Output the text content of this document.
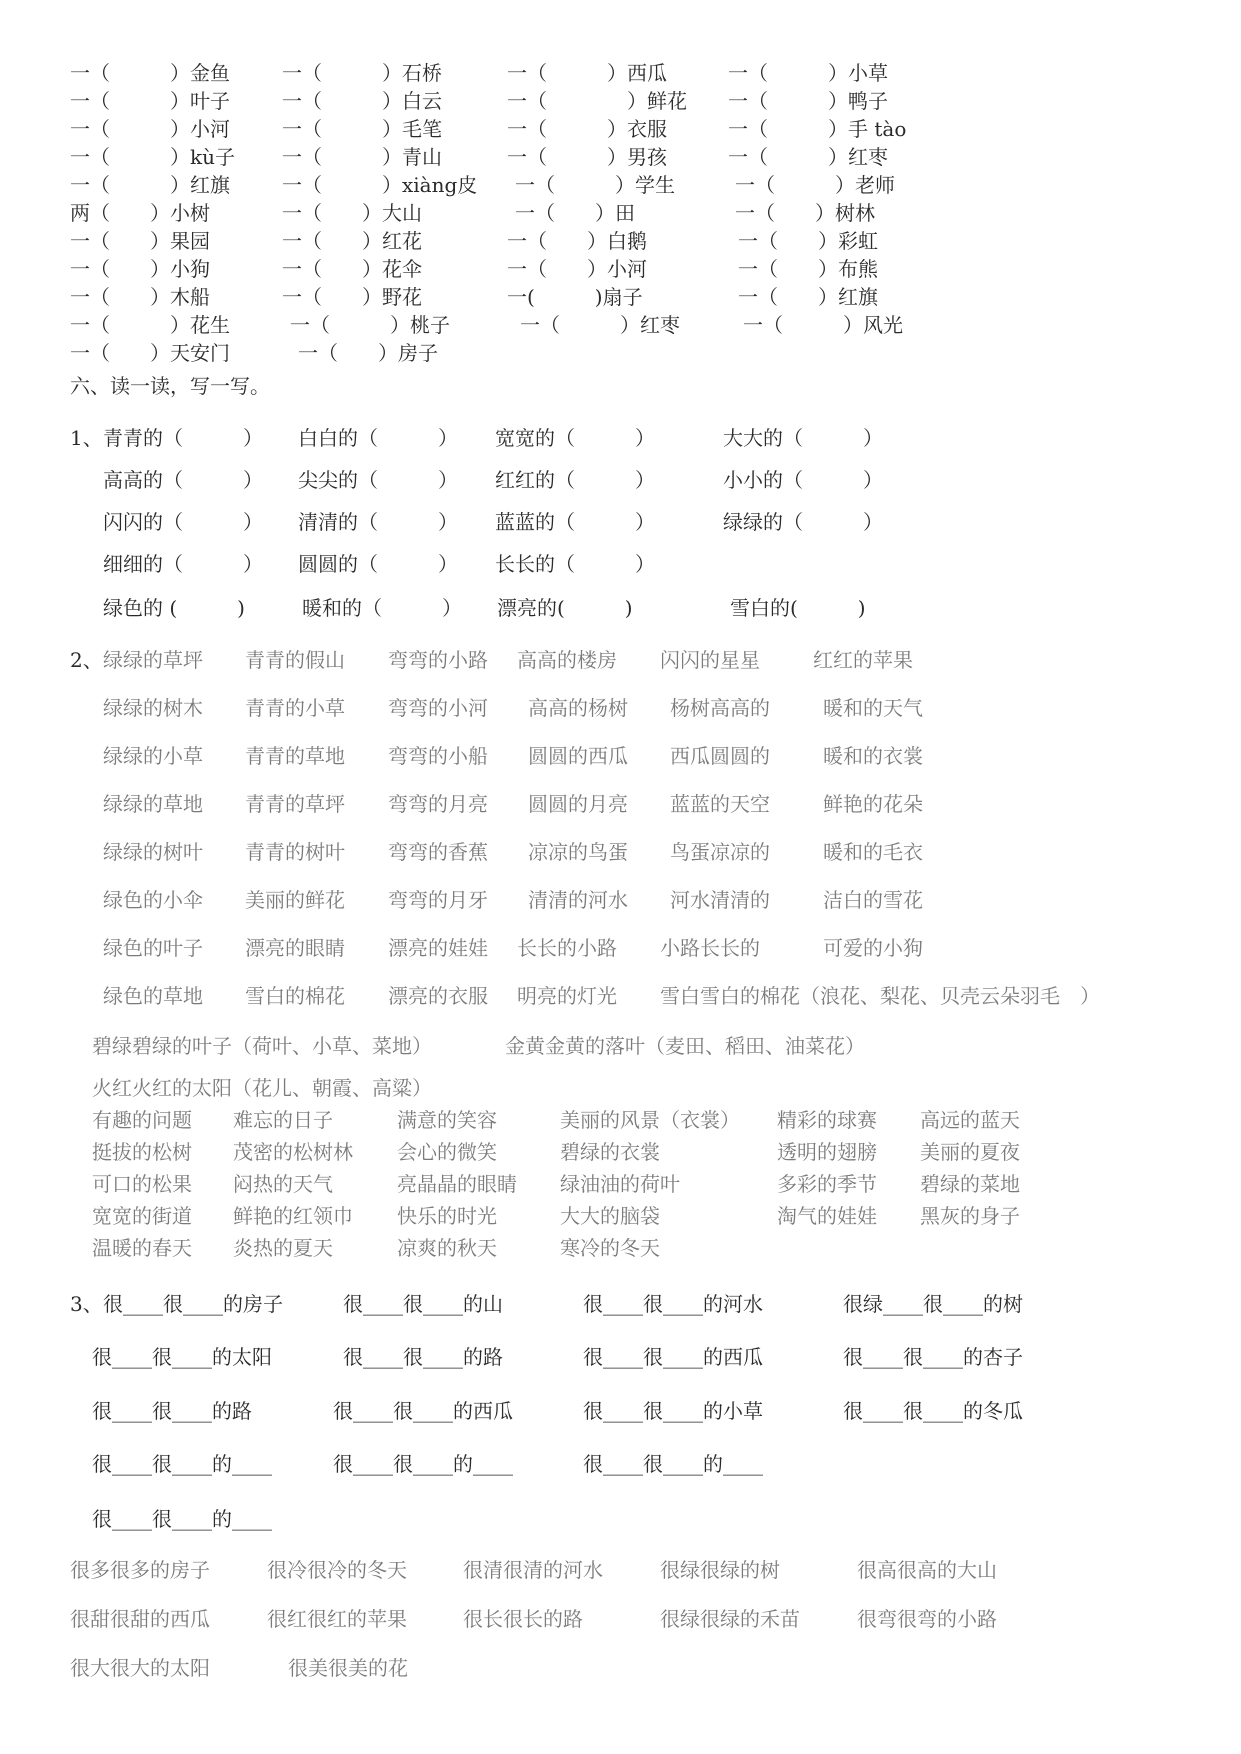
一（　　　）金鱼	一（　　　）石桥	一（　　　）西瓜	一（　　　）小草
一（　　　）叶子	一（　　　）白云	一（　　　　）鲜花 一（　　　）鸭子
一（　　　）小河	一（　　　）毛笔	一（　　　）衣服	一（　　　）手 tào
一（　　　）kù子 一（　　　）青山	一（　　　）男孩	一（　　　）红枣
一（　　　）红旗	一（　　　）xiàng皮 一（　　　）学生	一（　　　）老师
两（　　）小树	一（　　）大山	一（　　）田	一（　　）树林
一（　　）果园	一（　　）红花	一（　　）白鹅	一（　　）彩虹
一（　　）小狗	一（　　）花伞	一（　　）小河	一（　　）布熊
一（　　）木船	一（　　）野花	一(　　　)扇子	一（　　）红旗
一（　　　）花生	一（　　　）桃子	一（　　　）红枣	一（　　　）风光
一（　　）天安门	一（　　）房子
六、读一读，写一写。
1、 青青的（　　　） 白白的（　　　） 宽宽的（　　　）	大大的（　　　）
高高的（　　　） 尖尖的（　　　） 红红的（　　　）	小小的（　　　）
闪闪的（　　　） 清清的（　　　） 蓝蓝的（　　　）	绿绿的（　　　）
细细的（　　　） 圆圆的（　　　） 长长的（　　　）
绿色的 (　　　)	暖和的（　　　） 漂亮的(　　　)	雪白的(　　　)
2、 绿绿的草坪 青青的假山 弯弯的小路 高高的楼房 闪闪的星星	红红的苹果
绿绿的树木 青青的小草 弯弯的小河 高高的杨树 杨树高高的	暖和的天气
绿绿的小草 青青的草地 弯弯的小船 圆圆的西瓜 西瓜圆圆的	暖和的衣裳
绿绿的草地 青青的草坪 弯弯的月亮 圆圆的月亮 蓝蓝的天空	鲜艳的花朵
绿绿的树叶 青青的树叶 弯弯的香蕉 凉凉的鸟蛋 鸟蛋凉凉的	暖和的毛衣
绿色的小伞 美丽的鲜花 弯弯的月牙 清清的河水 河水清清的	洁白的雪花
绿色的叶子 漂亮的眼睛 漂亮的娃娃 长长的小路 小路长长的	可爱的小狗
绿色的草地 雪白的棉花 漂亮的衣服 明亮的灯光 雪白雪白的棉花（浪花、梨花、贝壳云朵羽毛　）
碧绿碧绿的叶子（荷叶、小草、菜地）	金黄金黄的落叶（麦田、稻田、油菜花）
火红火红的太阳（花儿、朝霞、高粱）
有趣的问题 难忘的日子	满意的笑容	美丽的风景（衣裳） 精彩的球赛 高远的蓝天
挺拔的松树 茂密的松树林 会心的微笑	碧绿的衣裳	透明的翅膀 美丽的夏夜
可口的松果 闷热的天气	亮晶晶的眼睛 绿油油的荷叶	多彩的季节 碧绿的菜地
宽宽的街道 鲜艳的红领巾 快乐的时光	大大的脑袋	淘气的娃娃 黑灰的身子
温暖的春天 炎热的夏天	凉爽的秋天	寒冷的冬天
3、 很____很____的房子	很____很____的山	很____很____的河水	很绿____很____的树
很____很____的太阳	很____很____的路	很____很____的西瓜	很____很____的杏子
很____很____的路	很____很____的西瓜	很____很____的小草	很____很____的冬瓜
很____很____的____	很____很____的____	很____很____的____
很____很____的____
很多很多的房子	很冷很冷的冬天	很清很清的河水	很绿很绿的树	很高很高的大山
很甜很甜的西瓜	很红很红的苹果	很长很长的路	很绿很绿的禾苗	很弯很弯的小路
很大很大的太阳	很美很美的花
